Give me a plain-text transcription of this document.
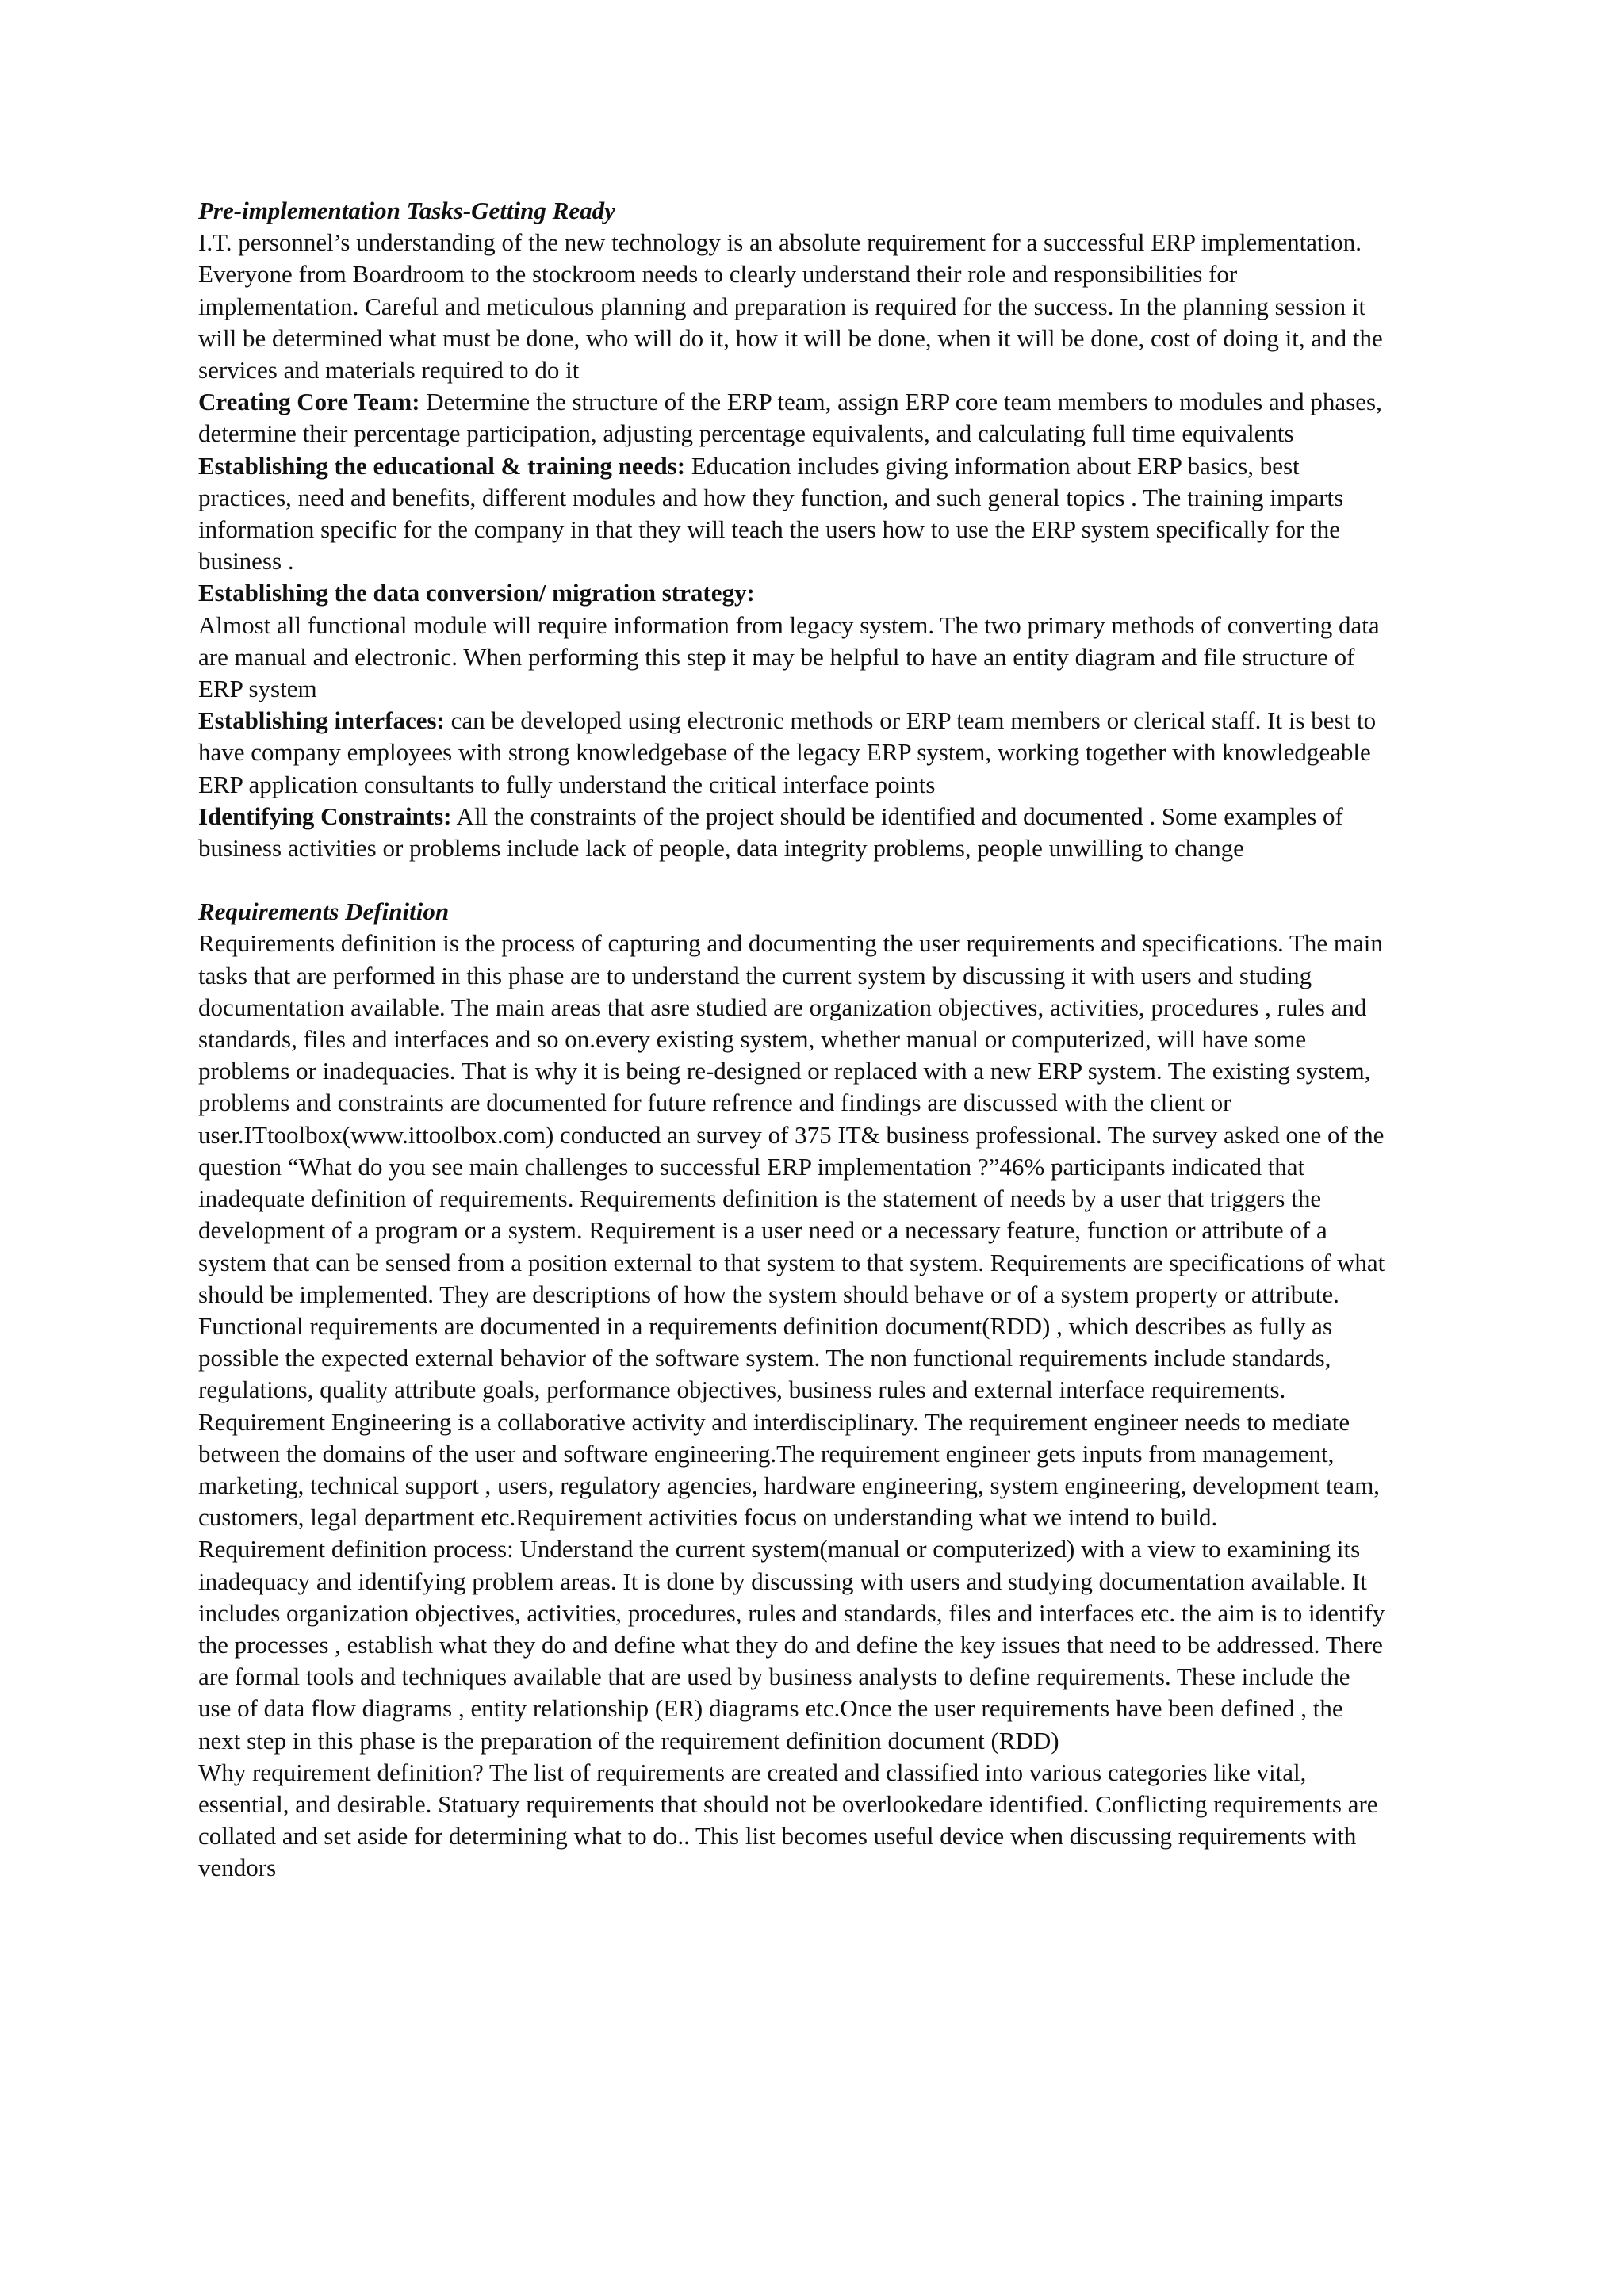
Pre-implementation Tasks-Getting Ready

I.T. personnel’s understanding of the new technology is an absolute requirement for a successful ERP implementation. Everyone from Boardroom to the stockroom needs to clearly understand their role and responsibilities for implementation. Careful and meticulous planning and preparation is required for the success. In the planning session it will be determined what must be done, who will do it, how it will be done, when it will be done, cost of doing it, and the services and materials required to do it

Creating Core Team: Determine the structure of the ERP team, assign ERP core team members to modules and phases, determine their percentage participation, adjusting percentage equivalents, and calculating full time equivalents

Establishing the educational & training needs: Education includes giving information about ERP basics, best practices, need and benefits, different modules and how they function, and such general topics . The training imparts information specific for the company in that they will teach the users how to use the ERP system specifically for the business .

Establishing the data conversion/ migration strategy:

Almost all functional module will require information from legacy system. The two primary methods of converting data are manual and electronic. When performing this step it may be helpful to have an entity diagram and file structure of ERP system

Establishing interfaces: can be developed using electronic methods or ERP team members or clerical staff. It is best to have company employees with strong knowledgebase of the legacy ERP system, working together with knowledgeable ERP application consultants to fully understand the critical interface points

Identifying Constraints: All the constraints of the project should be identified and documented . Some examples of business activities or problems include lack of people, data integrity problems, people unwilling to change

Requirements Definition

Requirements definition is the process of capturing and documenting the user requirements and specifications. The main tasks that are performed in this phase are to understand the current system by discussing it with users and studing documentation available. The main areas that asre studied are organization objectives, activities, procedures , rules and standards, files and interfaces and so on.every existing system, whether manual or computerized, will have some problems or inadequacies. That is why it is being re-designed or replaced with a new ERP system. The existing system, problems and constraints are documented for future refrence and findings are discussed with the client or user.ITtoolbox(www.ittoolbox.com) conducted an survey of 375 IT& business professional. The survey asked one of the question “What do you see main challenges to successful ERP implementation ?”46% participants indicated that inadequate definition of requirements. Requirements definition is the statement of needs by a user that triggers the development of a program or a system. Requirement is a user need or a necessary feature, function or attribute of a system that can be sensed from a position external to that system to that system. Requirements are specifications of what should be implemented. They are descriptions of how the system should behave or of a system property or attribute. Functional requirements are documented in a requirements definition document(RDD) , which describes as fully as possible the expected external behavior of the software system. The non functional requirements include standards, regulations, quality attribute goals, performance objectives, business rules and external interface requirements. Requirement Engineering is a collaborative activity and interdisciplinary. The requirement engineer needs to mediate between the domains of the user and software engineering.The requirement engineer gets inputs from management, marketing, technical support , users, regulatory agencies, hardware engineering, system engineering, development team, customers, legal department etc.Requirement activities focus on understanding what we intend to build.

Requirement definition process: Understand the current system(manual or computerized) with a view to examining its inadequacy and identifying problem areas. It is done by discussing with users and studying documentation available. It includes organization objectives, activities, procedures, rules and standards, files and interfaces etc. the aim is to identify the processes , establish what they do and define what they do and define the key issues that need to be addressed. There are formal tools and techniques available that are used by business analysts to define requirements. These include the use of data flow diagrams , entity relationship (ER) diagrams etc.Once the user requirements have been defined , the next step in this phase is the preparation of the requirement definition document (RDD)

Why requirement definition? The list of requirements are created and classified into various categories like vital, essential, and desirable. Statuary requirements that should not be overlookedare identified. Conflicting requirements are collated and set aside for determining what to do.. This list becomes useful device when discussing requirements with vendors
